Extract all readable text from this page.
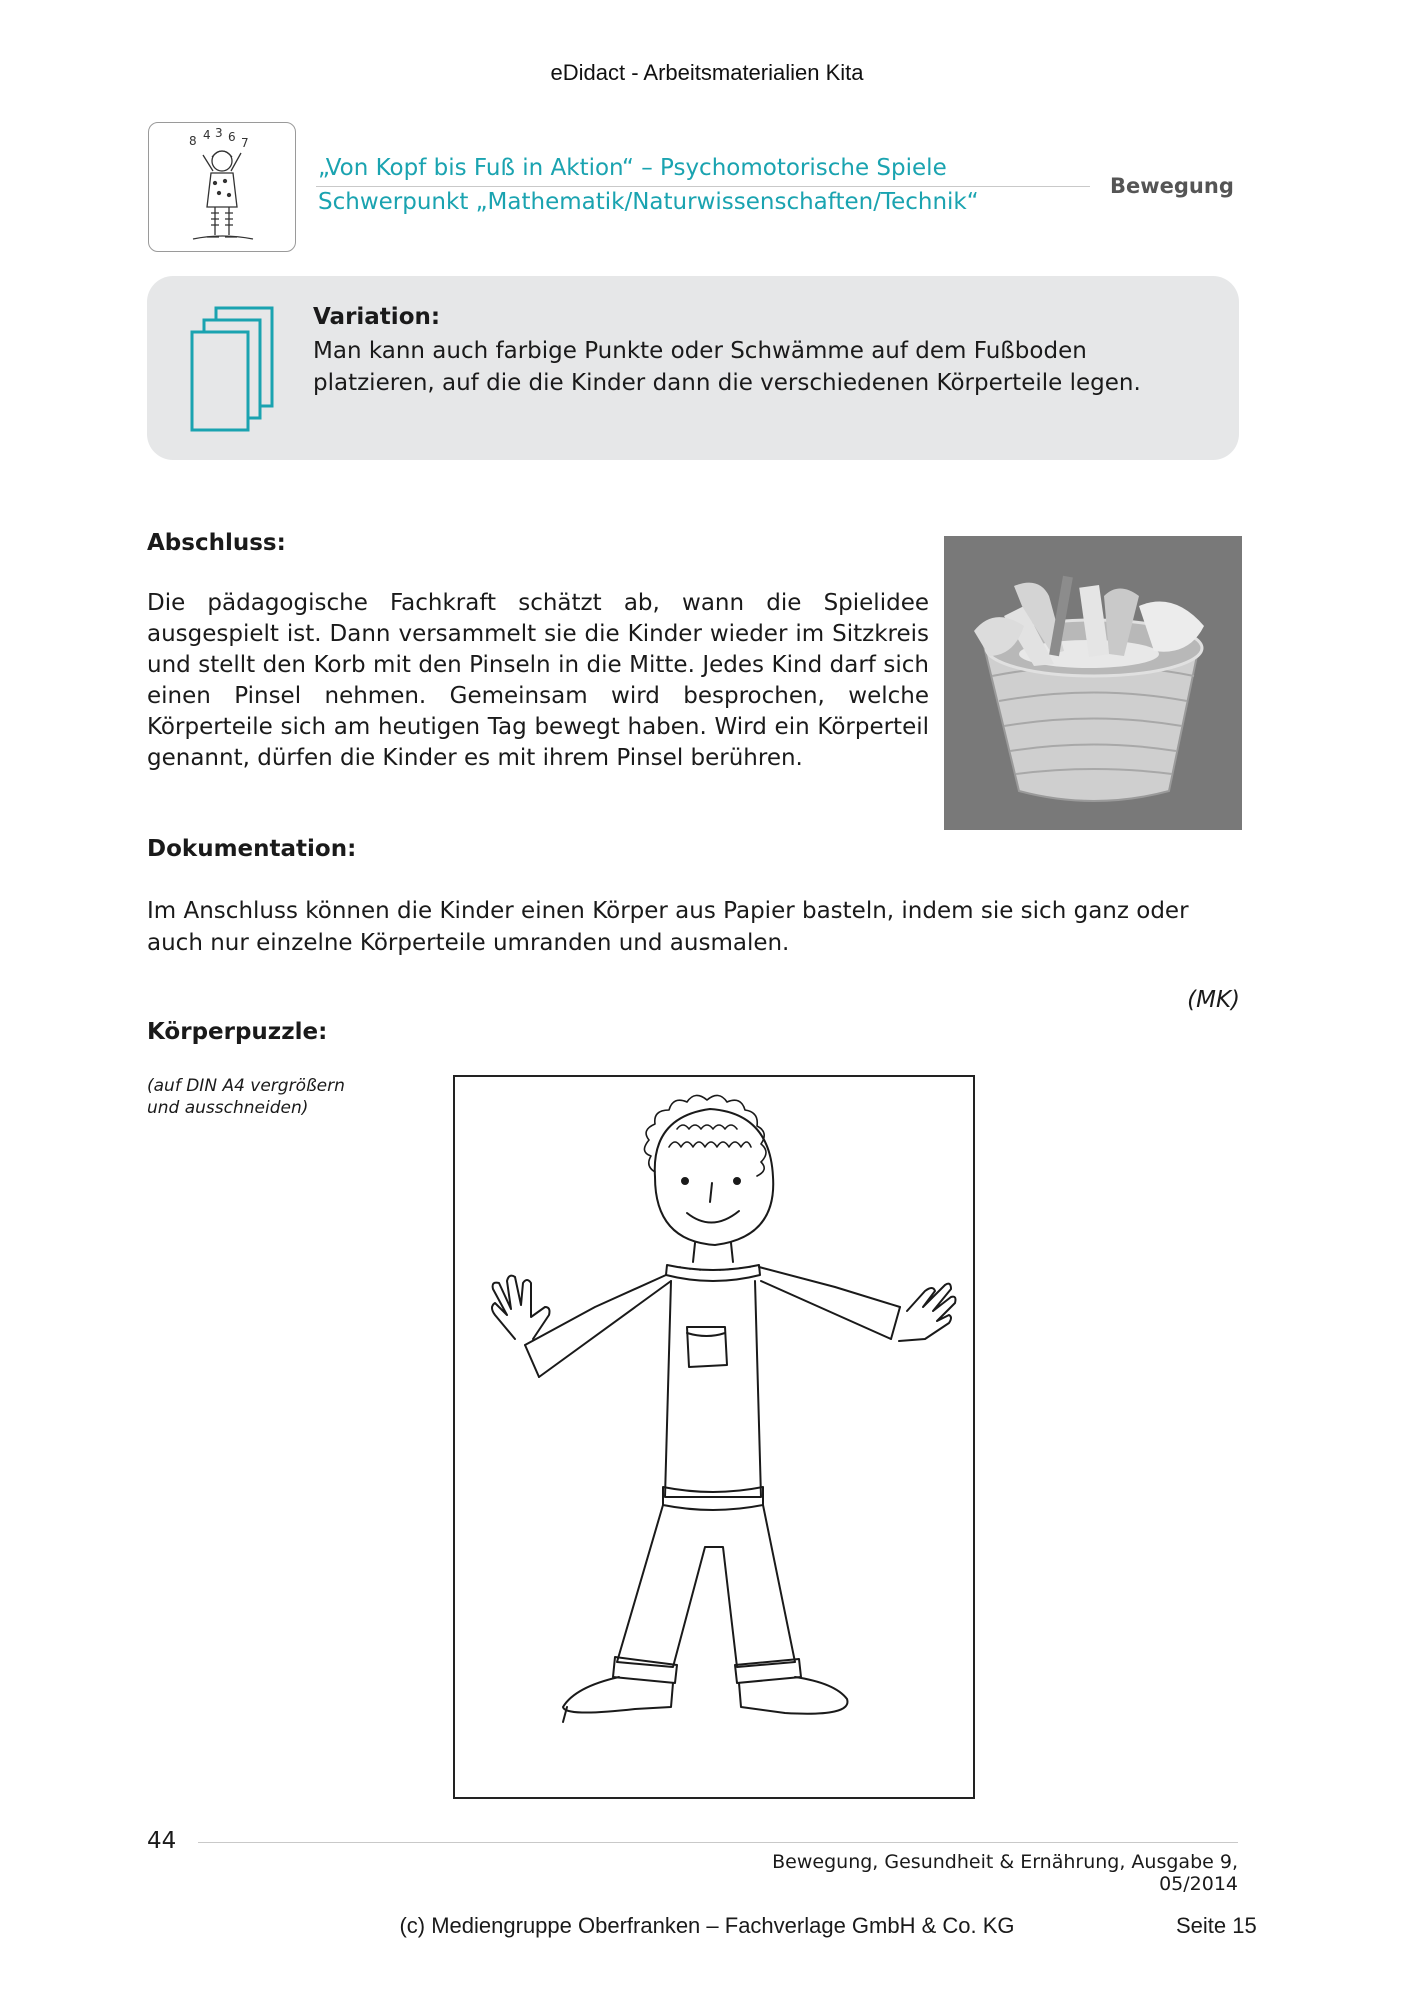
eDidact - Arbeitsmaterialien Kita
8 4 3 6 7
„Von Kopf bis Fuß in Aktion“ – Psychomotorische Spiele
Schwerpunkt „Mathematik/Naturwissenschaften/Technik“
Bewegung
Variation:
Man kann auch farbige Punkte oder Schwämme auf dem Fußboden platzieren, auf die die Kinder dann die verschiedenen Körperteile legen.
Abschluss:
Die pädagogische Fachkraft schätzt ab, wann die Spielidee ausgespielt ist. Dann versammelt sie die Kinder wieder im Sitzkreis und stellt den Korb mit den Pinseln in die Mitte. Jedes Kind darf sich einen Pinsel nehmen. Gemeinsam wird besprochen, welche Körperteile sich am heutigen Tag bewegt haben. Wird ein Körperteil genannt, dürfen die Kinder es mit ihrem Pinsel berühren.
Dokumentation:
Im Anschluss können die Kinder einen Körper aus Papier basteln, indem sie sich ganz oder auch nur einzelne Körperteile umranden und ausmalen.
(MK)
Körperpuzzle:
(auf DIN A4 vergrößern und ausschneiden)
44
Bewegung, Gesundheit & Ernährung, Ausgabe 9, 05/2014
(c) Mediengruppe Oberfranken – Fachverlage GmbH & Co. KG	Seite 15
